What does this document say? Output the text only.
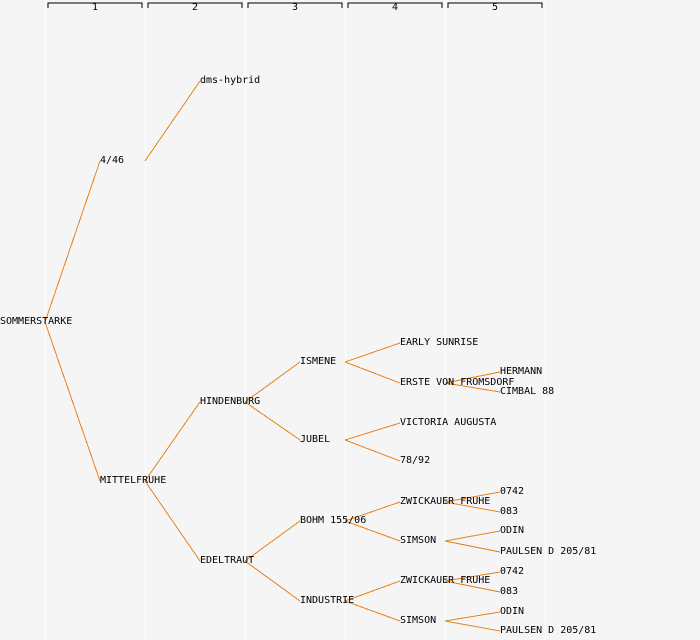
1	2	3	4	5
SOMMERSTARKE
4/46
dms-hybrid
MITTELFRUHE
HINDENBURG
ISMENE
EARLY SUNRISE
ERSTE VON FROMSDORF
HERMANN
CIMBAL 88
JUBEL
VICTORIA AUGUSTA
78/92
EDELTRAUT
BOHM 155/06
ZWICKAUER FRUHE
0742
083
SIMSON
ODIN
PAULSEN D 205/81
INDUSTRIE
ZWICKAUER FRUHE
0742
083
SIMSON
ODIN
PAULSEN D 205/81
